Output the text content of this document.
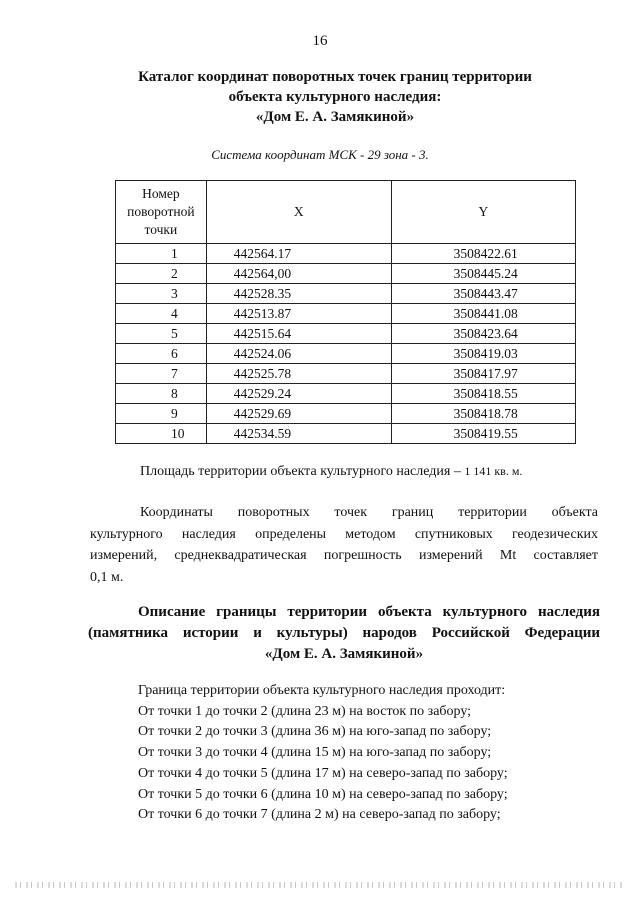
16
Каталог координат поворотных точек границ территории
объекта культурного наследия:
«Дом Е. А. Замякиной»
Система координат МСК - 29 зона - 3.
Номер
поворотной
точки	X	Y
1	442564.17	3508422.61
2	442564,00	3508445.24
3	442528.35	3508443.47
4	442513.87	3508441.08
5	442515.64	3508423.64
6	442524.06	3508419.03
7	442525.78	3508417.97
8	442529.24	3508418.55
9	442529.69	3508418.78
10	442534.59	3508419.55
Площадь территории объекта культурного наследия – 1 141 кв. м.
Координаты поворотных точек границ территории объекта
культурного наследия определены методом спутниковых геодезических
измерений, среднеквадратическая погрешность измерений Mt составляет
0,1 м.
Описание границы территории объекта культурного наследия
(памятника истории и культуры) народов Российской Федерации
«Дом Е. А. Замякиной»
Граница территории объекта культурного наследия проходит:
От точки 1 до точки 2 (длина 23 м) на восток по забору;
От точки 2 до точки 3 (длина 36 м) на юго-запад по забору;
От точки 3 до точки 4 (длина 15 м) на юго-запад по забору;
От точки 4 до точки 5 (длина 17 м) на северо-запад по забору;
От точки 5 до точки 6 (длина 10 м) на северо-запад по забору;
От точки 6 до точки 7 (длина 2 м) на северо-запад по забору;
